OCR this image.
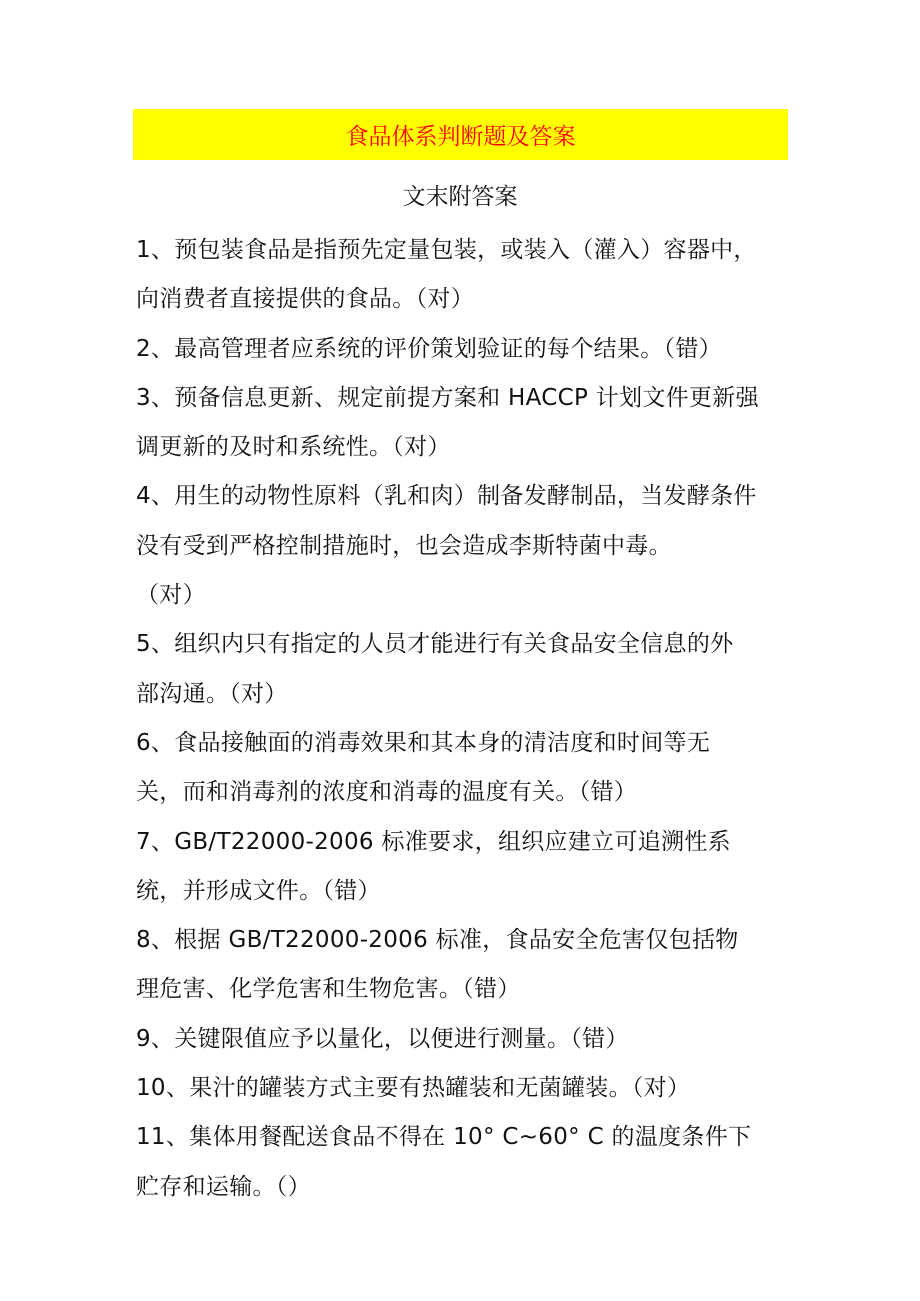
食品体系判断题及答案
文末附答案
1、预包装食品是指预先定量包装，或装入（灌入）容器中，
向消费者直接提供的食品。（对）
2、最高管理者应系统的评价策划验证的每个结果。（错）
3、预备信息更新、规定前提方案和 HACCP 计划文件更新强
调更新的及时和系统性。（对）
4、用生的动物性原料（乳和肉）制备发酵制品，当发酵条件
没有受到严格控制措施时，也会造成李斯特菌中毒。
（对）
5、组织内只有指定的人员才能进行有关食品安全信息的外
部沟通。（对）
6、食品接触面的消毒效果和其本身的清洁度和时间等无
关，而和消毒剂的浓度和消毒的温度有关。（错）
7、GB/T22000-2006 标准要求，组织应建立可追溯性系
统，并形成文件。（错）
8、根据 GB/T22000-2006 标准，食品安全危害仅包括物
理危害、化学危害和生物危害。（错）
9、关键限值应予以量化，以便进行测量。（错）
10、果汁的罐装方式主要有热罐装和无菌罐装。（对）
11、集体用餐配送食品不得在 10° C~60° C 的温度条件下
贮存和运输。（）
